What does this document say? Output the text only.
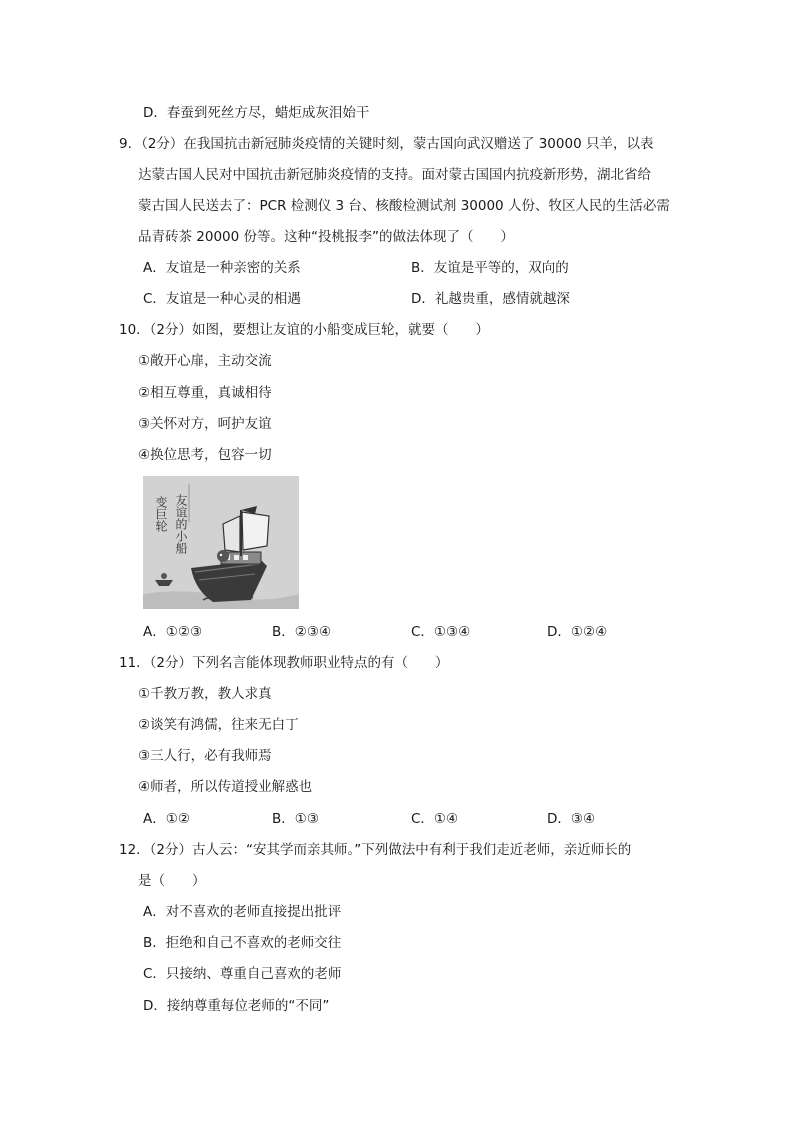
D．春蚕到死丝方尽，蜡炬成灰泪始干
9．（2分）在我国抗击新冠肺炎疫情的关键时刻，蒙古国向武汉赠送了 30000 只羊，以表
达蒙古国人民对中国抗击新冠肺炎疫情的支持。面对蒙古国国内抗疫新形势，湖北省给
蒙古国人民送去了：PCR 检测仪 3 台、核酸检测试剂 30000 人份、牧区人民的生活必需
品青砖茶 20000 份等。这种“投桃报李”的做法体现了（　　）
A．友谊是一种亲密的关系	B．友谊是平等的，双向的
C．友谊是一种心灵的相遇	D．礼越贵重，感情就越深
10．（2分）如图，要想让友谊的小船变成巨轮，就要（　　）
①敞开心扉，主动交流
②相互尊重，真诚相待
③关怀对方，呵护友谊
④换位思考，包容一切
友谊的小船
变巨轮
A．①②③	B．②③④	C．①③④	D．①②④
11．（2分）下列名言能体现教师职业特点的有（　　）
①千教万教，教人求真
②谈笑有鸿儒，往来无白丁
③三人行，必有我师焉
④师者，所以传道授业解惑也
A．①②	B．①③	C．①④	D．③④
12．（2分）古人云：“安其学而亲其师。”下列做法中有利于我们走近老师，亲近师长的
是（　　）
A．对不喜欢的老师直接提出批评
B．拒绝和自己不喜欢的老师交往
C．只接纳、尊重自己喜欢的老师
D．接纳尊重每位老师的“不同”
